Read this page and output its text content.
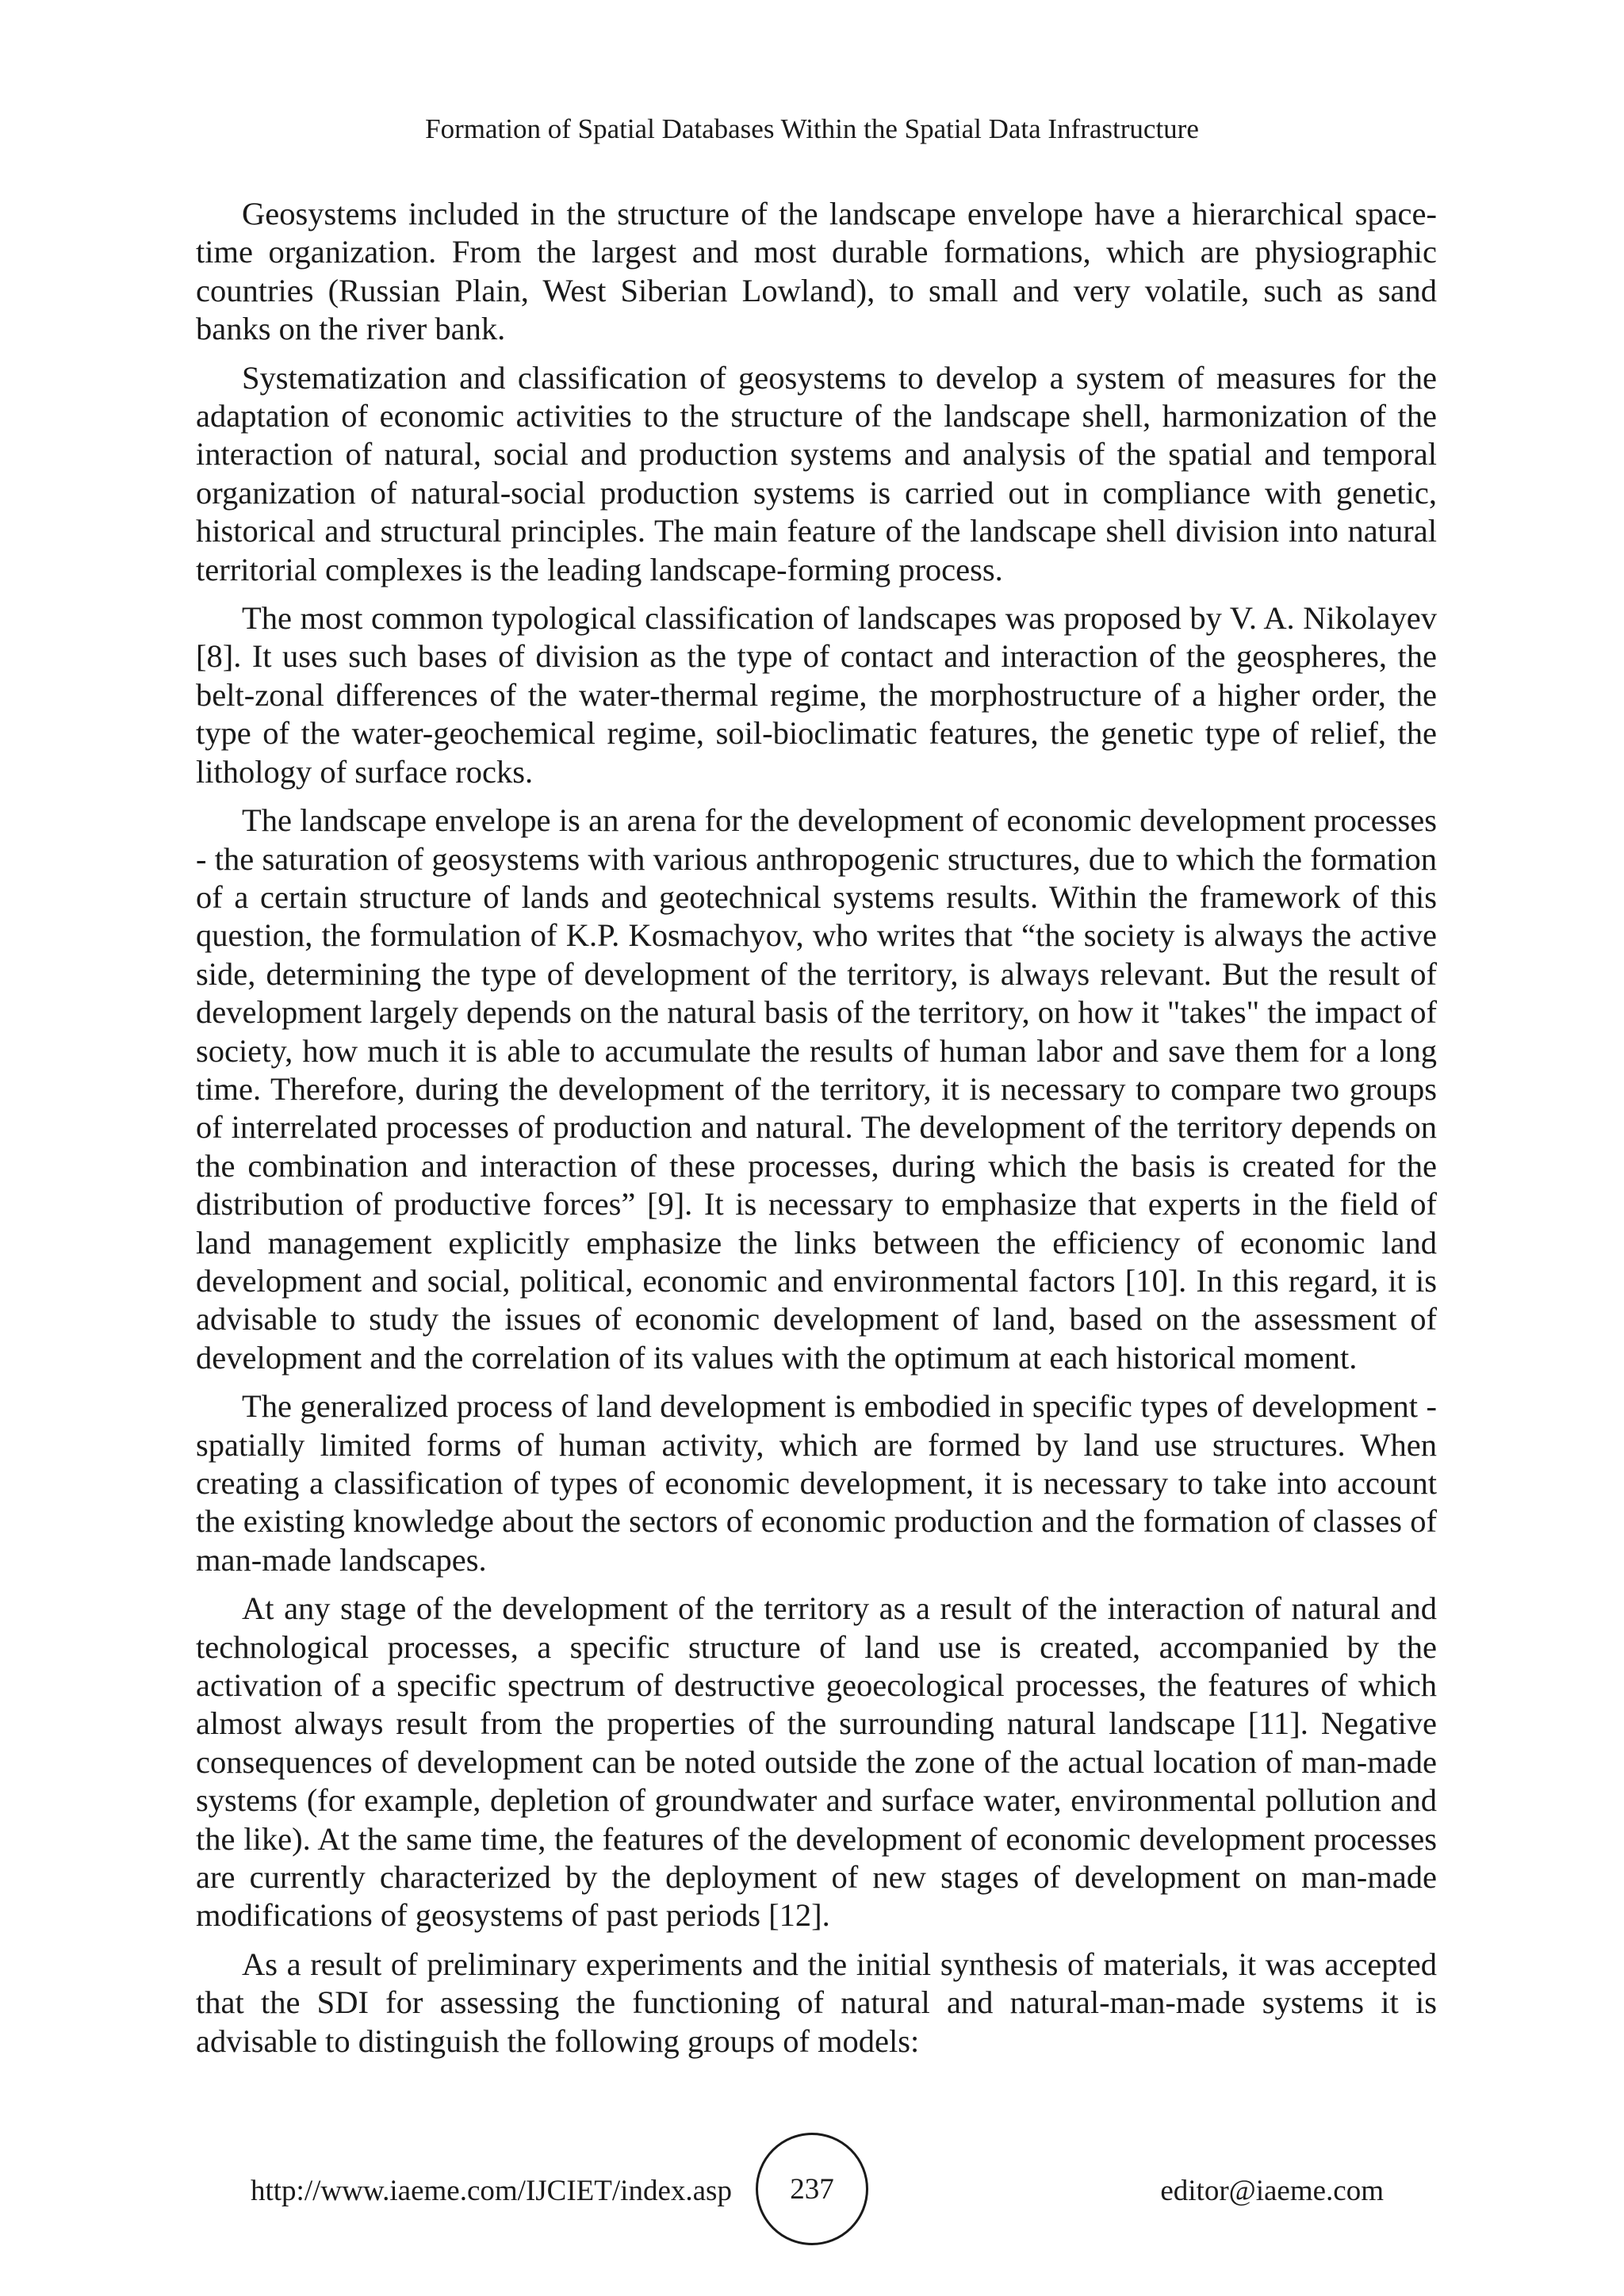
Formation of Spatial Databases Within the Spatial Data Infrastructure

Geosystems included in the structure of the landscape envelope have a hierarchical space-time organization. From the largest and most durable formations, which are physiographic countries (Russian Plain, West Siberian Lowland), to small and very volatile, such as sand banks on the river bank.

Systematization and classification of geosystems to develop a system of measures for the adaptation of economic activities to the structure of the landscape shell, harmonization of the interaction of natural, social and production systems and analysis of the spatial and temporal organization of natural-social production systems is carried out in compliance with genetic, historical and structural principles. The main feature of the landscape shell division into natural territorial complexes is the leading landscape-forming process.

The most common typological classification of landscapes was proposed by V. A. Nikolayev [8]. It uses such bases of division as the type of contact and interaction of the geospheres, the belt-zonal differences of the water-thermal regime, the morphostructure of a higher order, the type of the water-geochemical regime, soil-bioclimatic features, the genetic type of relief, the lithology of surface rocks.

The landscape envelope is an arena for the development of economic development processes - the saturation of geosystems with various anthropogenic structures, due to which the formation of a certain structure of lands and geotechnical systems results. Within the framework of this question, the formulation of K.P. Kosmachyov, who writes that “the society is always the active side, determining the type of development of the territory, is always relevant. But the result of development largely depends on the natural basis of the territory, on how it "takes" the impact of society, how much it is able to accumulate the results of human labor and save them for a long time. Therefore, during the development of the territory, it is necessary to compare two groups of interrelated processes of production and natural. The development of the territory depends on the combination and interaction of these processes, during which the basis is created for the distribution of productive forces” [9]. It is necessary to emphasize that experts in the field of land management explicitly emphasize the links between the efficiency of economic land development and social, political, economic and environmental factors [10]. In this regard, it is advisable to study the issues of economic development of land, based on the assessment of development and the correlation of its values with the optimum at each historical moment.

The generalized process of land development is embodied in specific types of development - spatially limited forms of human activity, which are formed by land use structures. When creating a classification of types of economic development, it is necessary to take into account the existing knowledge about the sectors of economic production and the formation of classes of man-made landscapes.

At any stage of the development of the territory as a result of the interaction of natural and technological processes, a specific structure of land use is created, accompanied by the activation of a specific spectrum of destructive geoecological processes, the features of which almost always result from the properties of the surrounding natural landscape [11]. Negative consequences of development can be noted outside the zone of the actual location of man-made systems (for example, depletion of groundwater and surface water, environmental pollution and the like). At the same time, the features of the development of economic development processes are currently characterized by the deployment of new stages of development on man-made modifications of geosystems of past periods [12].

As a result of preliminary experiments and the initial synthesis of materials, it was accepted that the SDI for assessing the functioning of natural and natural-man-made systems it is advisable to distinguish the following groups of models:

http://www.iaeme.com/IJCIET/index.asp 237	editor@iaeme.com
